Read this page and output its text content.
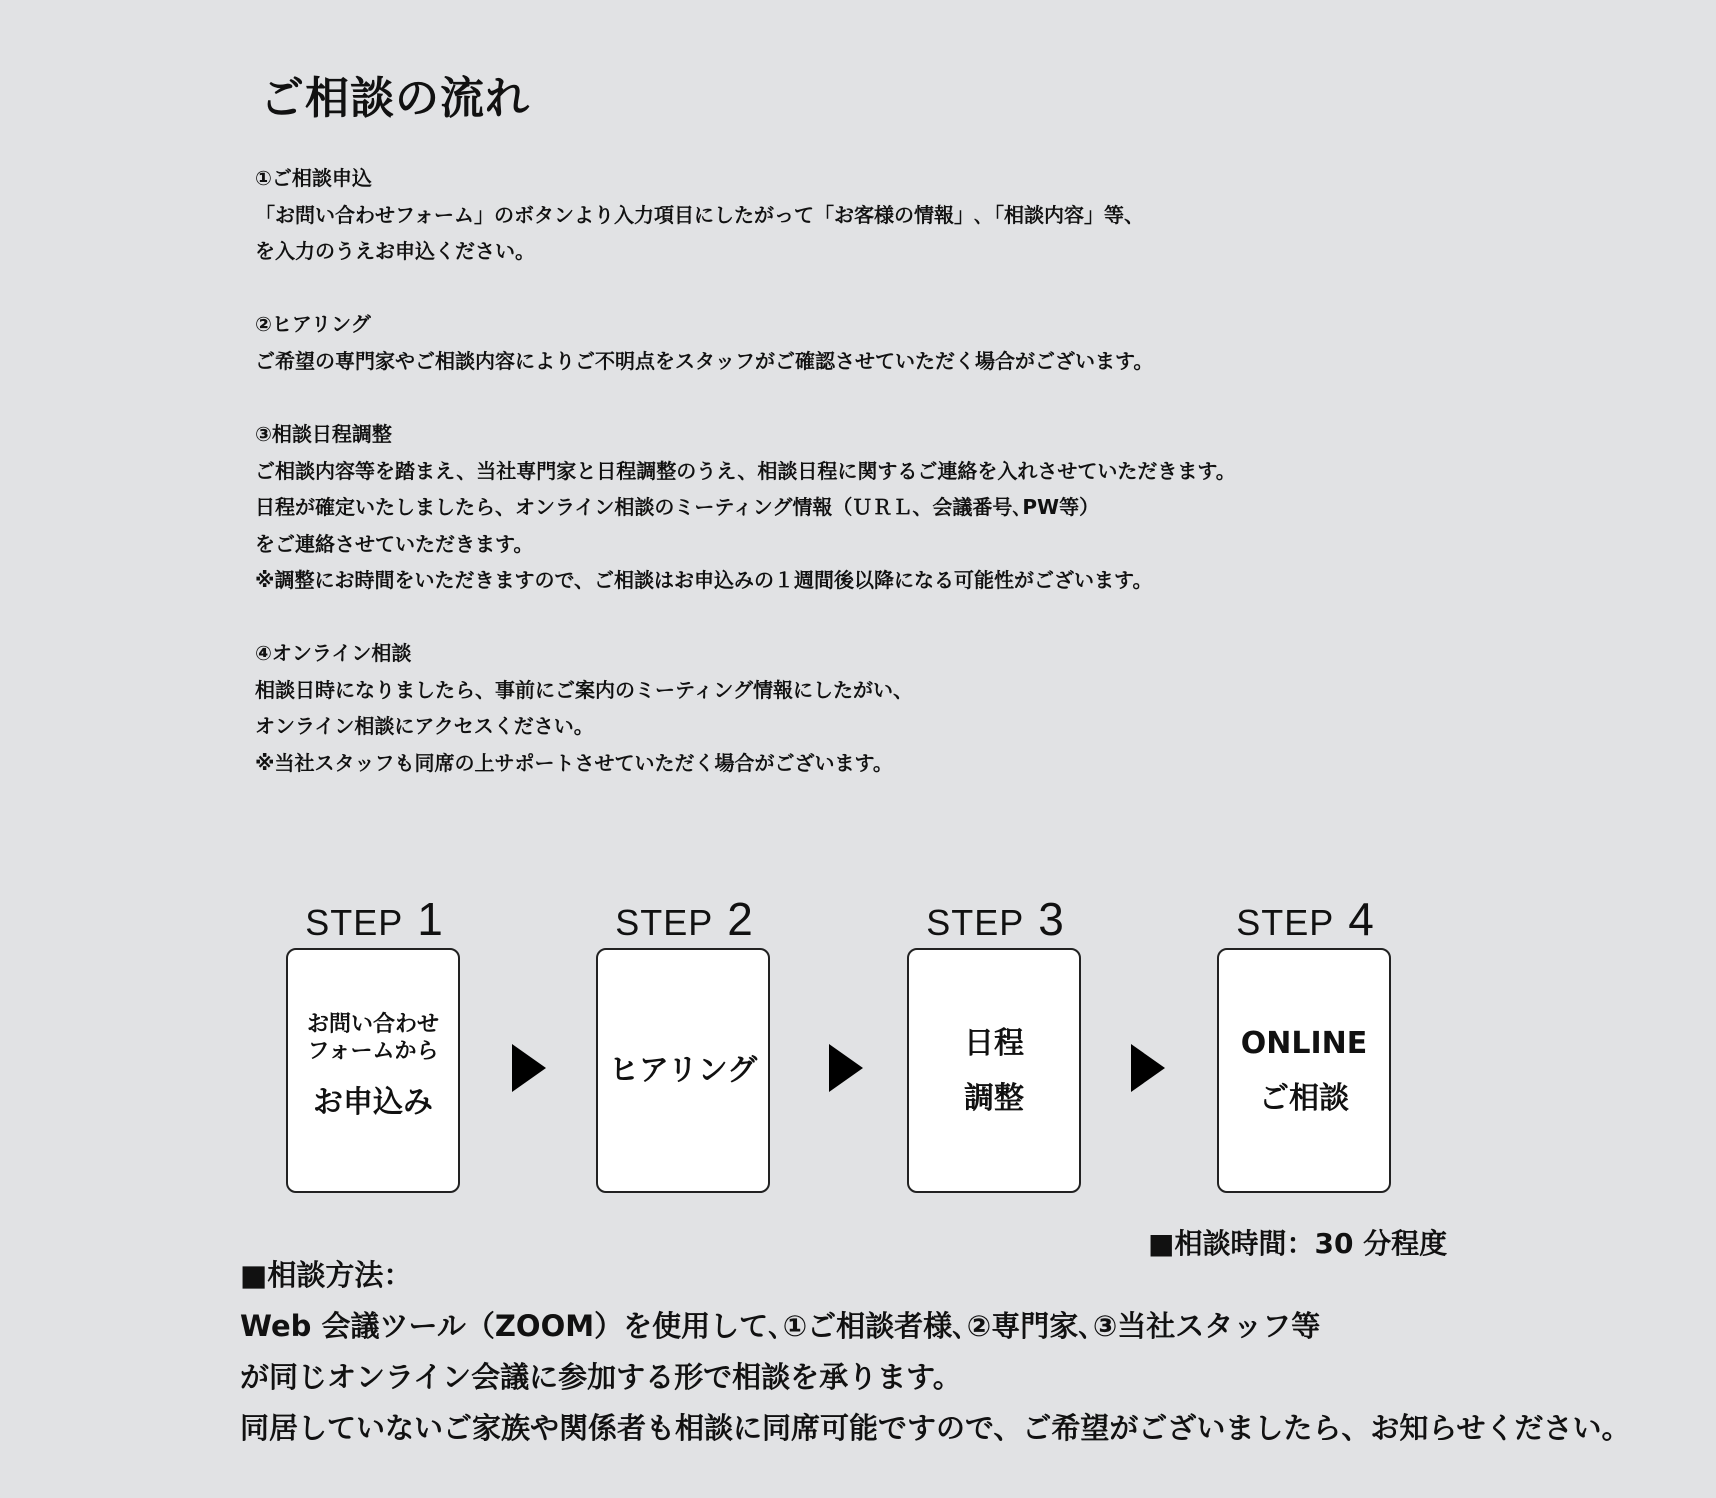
ご相談の流れ
①ご相談申込
「お問い合わせフォーム」のボタンより入力項目にしたがって「お客様の情報」､「相談内容」等、
を入力のうえお申込ください。
②ヒアリング
ご希望の専門家やご相談内容によりご不明点をスタッフがご確認させていただく場合がございます。
③相談日程調整
ご相談内容等を踏まえ、当社専門家と日程調整のうえ、相談日程に関するご連絡を入れさせていただきます。
日程が確定いたしましたら、オンライン相談のミーティング情報（ＵＲＬ、会議番号､PW等）
をご連絡させていただきます。
※調整にお時間をいただきますので、ご相談はお申込みの１週間後以降になる可能性がございます。
④オンライン相談
相談日時になりましたら、事前にご案内のミーティング情報にしたがい、
オンライン相談にアクセスください。
※当社スタッフも同席の上サポートさせていただく場合がございます。
STEP 1
お問い合わせ
フォームから
お申込み
STEP 2
ヒアリング
STEP 3
日程
調整
STEP 4
ONLINE
ご相談
■相談時間：30 分程度
■相談方法：
Web 会議ツール（ZOOM）を使用して､①ご相談者様､②専門家､③当社スタッフ等
が同じオンライン会議に参加する形で相談を承ります。
同居していないご家族や関係者も相談に同席可能ですので、ご希望がございましたら、お知らせください。
